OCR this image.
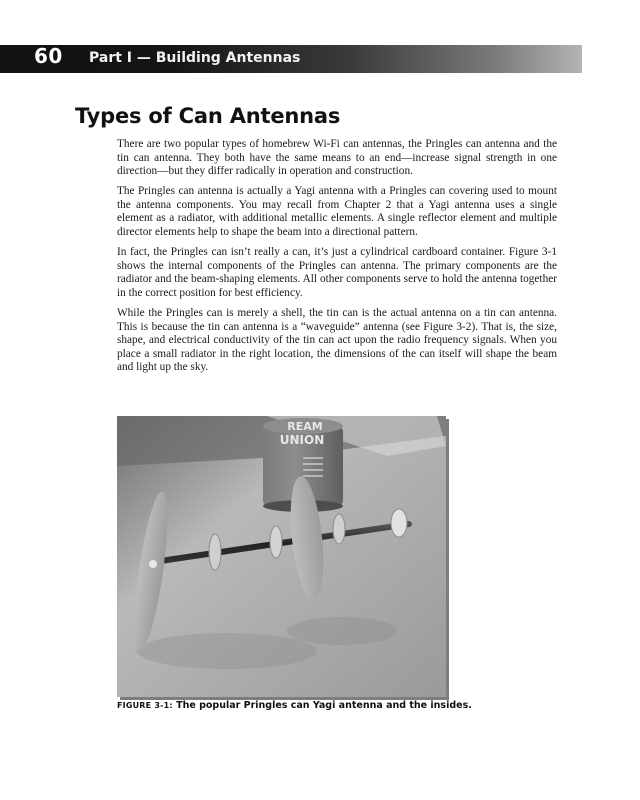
60 Part I — Building Antennas
Types of Can Antennas

There are two popular types of homebrew Wi-Fi can antennas, the Pringles can antenna and the tin can antenna. They both have the same means to an end—increase signal strength in one direction—but they differ radically in operation and construction.

The Pringles can antenna is actually a Yagi antenna with a Pringles can covering used to mount the antenna components. You may recall from Chapter 2 that a Yagi antenna uses a single element as a radiator, with additional metallic elements. A single reflector element and multiple director elements help to shape the beam into a directional pattern.

In fact, the Pringles can isn’t really a can, it’s just a cylindrical cardboard container. Figure 3-1 shows the internal components of the Pringles can antenna. The primary components are the radiator and the beam-shaping elements. All other components serve to hold the antenna together in the correct position for best efficiency.

While the Pringles can is merely a shell, the tin can is the actual antenna on a tin can antenna. This is because the tin can antenna is a “waveguide” antenna (see Figure 3-2). That is, the size, shape, and electrical conductivity of the tin can act upon the radio frequency signals. When you place a small radiator in the right location, the dimensions of the can itself will shape the beam and light up the sky.

REAM
UNION
FIGURE 3-1: The popular Pringles can Yagi antenna and the insides.
